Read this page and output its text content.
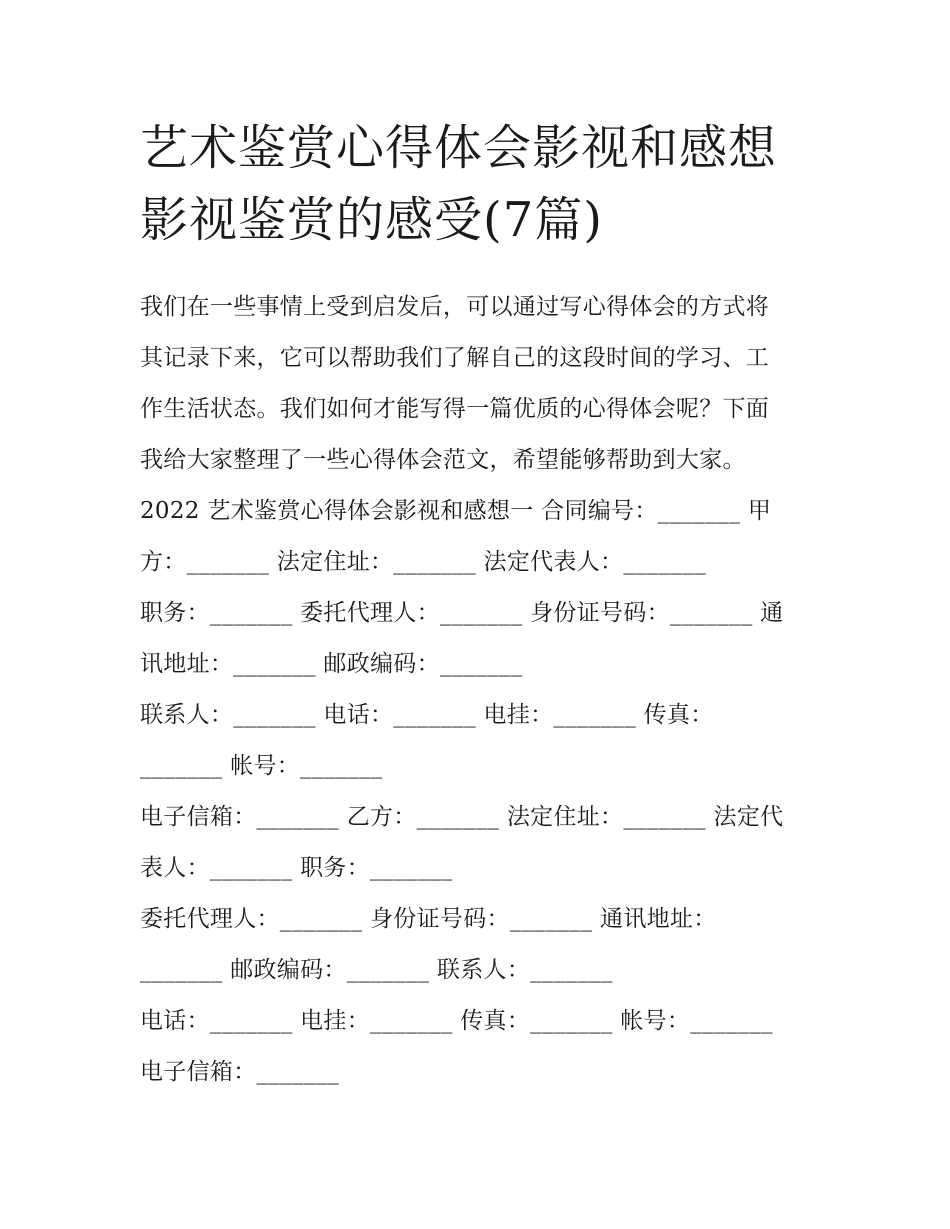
艺术鉴赏心得体会影视和感想
影视鉴赏的感受(7篇)
我们在一些事情上受到启发后，可以通过写心得体会的方式将
其记录下来，它可以帮助我们了解自己的这段时间的学习、工
作生活状态。我们如何才能写得一篇优质的心得体会呢？下面
我给大家整理了一些心得体会范文，希望能够帮助到大家。
2022 艺术鉴赏心得体会影视和感想一 合同编号：_______ 甲
方：_______ 法定住址：_______ 法定代表人：_______
职务：_______ 委托代理人：_______ 身份证号码：_______ 通
讯地址：_______ 邮政编码：_______
联系人：_______ 电话：_______ 电挂：_______ 传真：
_______ 帐号：_______
电子信箱：_______ 乙方：_______ 法定住址：_______ 法定代
表人：_______ 职务：_______
委托代理人：_______ 身份证号码：_______ 通讯地址：
_______ 邮政编码：_______ 联系人：_______
电话：_______ 电挂：_______ 传真：_______ 帐号：_______
电子信箱：_______
